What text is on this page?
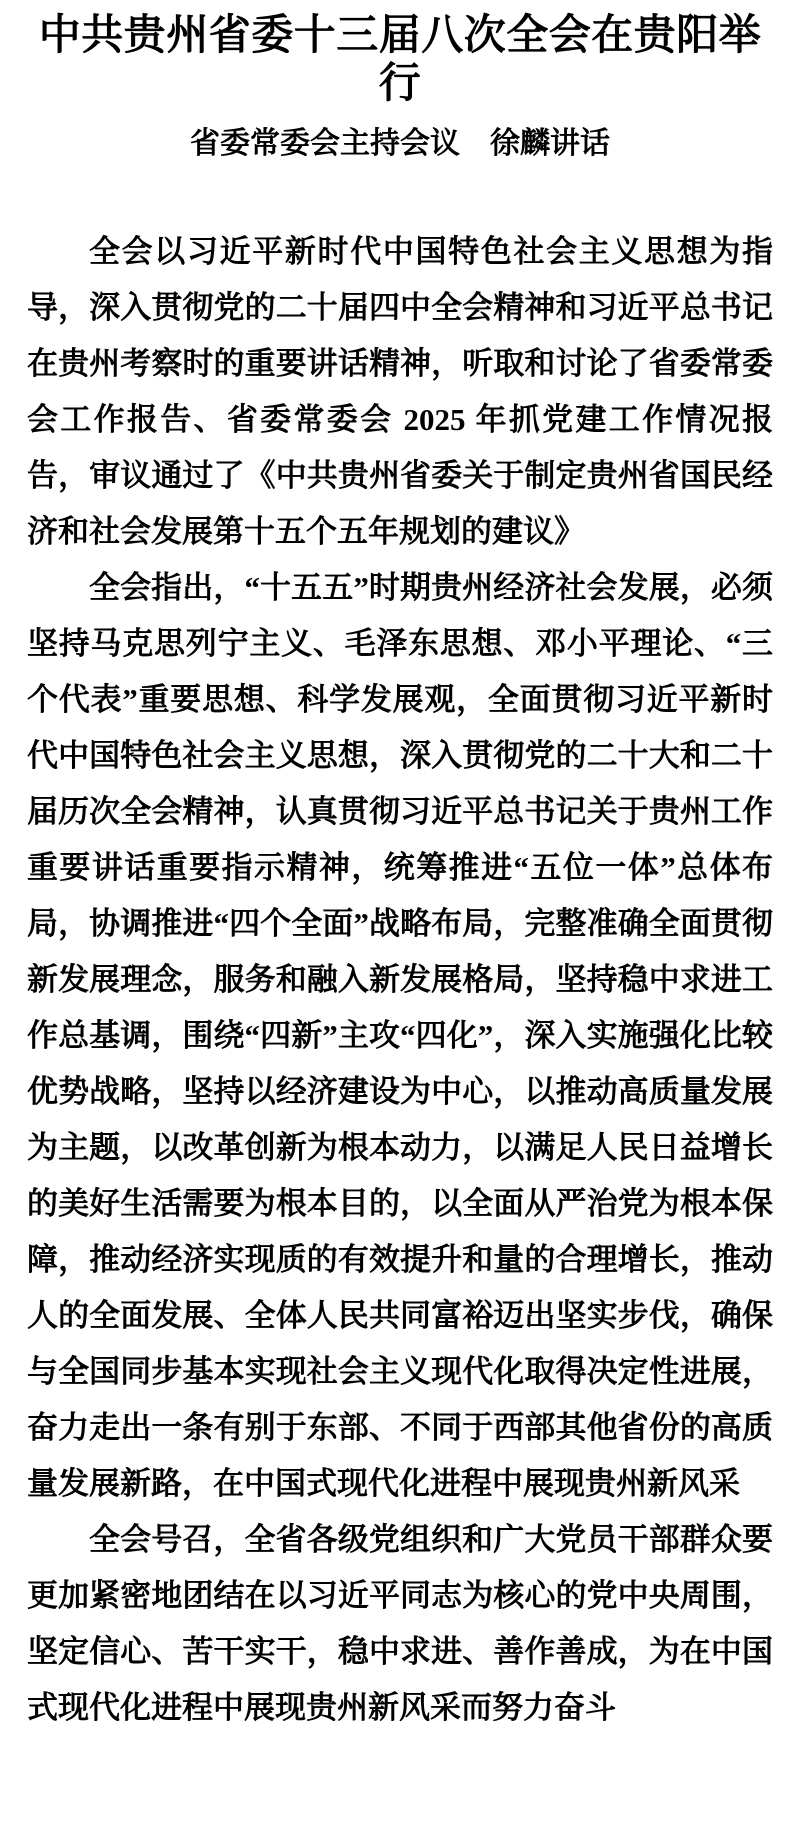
中共贵州省委十三届八次全会在贵阳举行
省委常委会主持会议　徐麟讲话

全会以习近平新时代中国特色社会主义思想为指导，深入贯彻党的二十届四中全会精神和习近平总书记在贵州考察时的重要讲话精神，听取和讨论了省委常委会工作报告、省委常委会 2025 年抓党建工作情况报告，审议通过了《中共贵州省委关于制定贵州省国民经济和社会发展第十五个五年规划的建议》

全会指出，“十五五”时期贵州经济社会发展，必须坚持马克思列宁主义、毛泽东思想、邓小平理论、“三个代表”重要思想、科学发展观，全面贯彻习近平新时代中国特色社会主义思想，深入贯彻党的二十大和二十届历次全会精神，认真贯彻习近平总书记关于贵州工作重要讲话重要指示精神，统筹推进“五位一体”总体布局，协调推进“四个全面”战略布局，完整准确全面贯彻新发展理念，服务和融入新发展格局，坚持稳中求进工作总基调，围绕“四新”主攻“四化”，深入实施强化比较优势战略，坚持以经济建设为中心，以推动高质量发展为主题，以改革创新为根本动力，以满足人民日益增长的美好生活需要为根本目的，以全面从严治党为根本保障，推动经济实现质的有效提升和量的合理增长，推动人的全面发展、全体人民共同富裕迈出坚实步伐，确保与全国同步基本实现社会主义现代化取得决定性进展，奋力走出一条有别于东部、不同于西部其他省份的高质量发展新路，在中国式现代化进程中展现贵州新风采

全会号召，全省各级党组织和广大党员干部群众要更加紧密地团结在以习近平同志为核心的党中央周围，坚定信心、苦干实干，稳中求进、善作善成，为在中国式现代化进程中展现贵州新风采而努力奋斗
